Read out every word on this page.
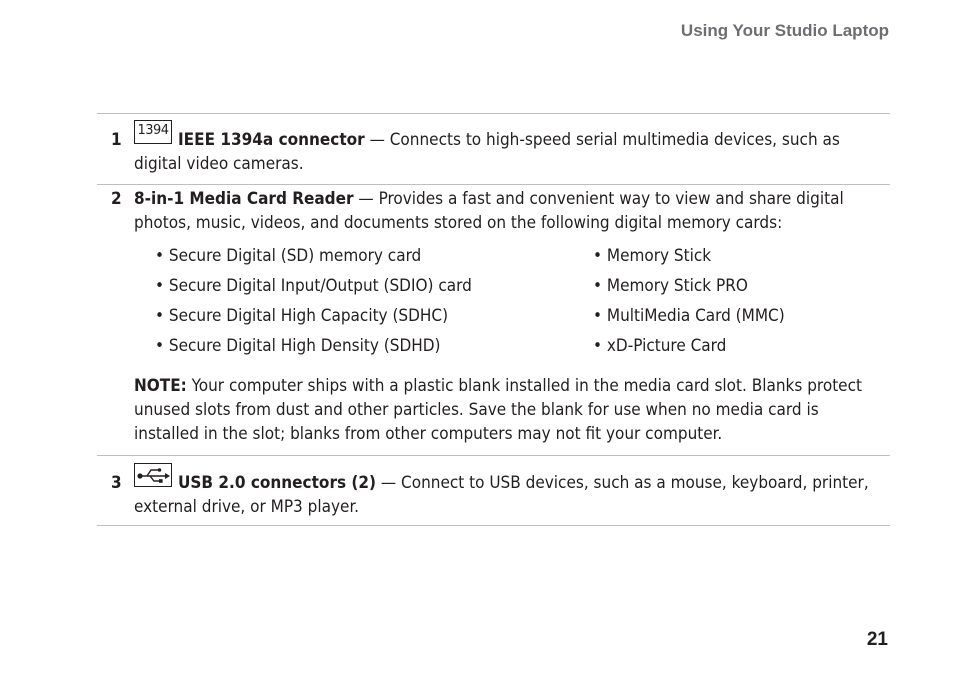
Using Your Studio Laptop
1 1394 IEEE 1394a connector — Connects to high-speed serial multimedia devices, such as digital video cameras.
2 8-in-1 Media Card Reader — Provides a fast and convenient way to view and share digital photos, music, videos, and documents stored on the following digital memory cards:
• Secure Digital (SD) memory card	• Memory Stick
• Secure Digital Input/Output (SDIO) card	• Memory Stick PRO
• Secure Digital High Capacity (SDHC)	• MultiMedia Card (MMC)
• Secure Digital High Density (SDHD)	• xD-Picture Card
NOTE: Your computer ships with a plastic blank installed in the media card slot. Blanks protect unused slots from dust and other particles. Save the blank for use when no media card is installed in the slot; blanks from other computers may not fit your computer.
3	USB 2.0 connectors (2) — Connect to USB devices, such as a mouse, keyboard, printer, external drive, or MP3 player.
21
